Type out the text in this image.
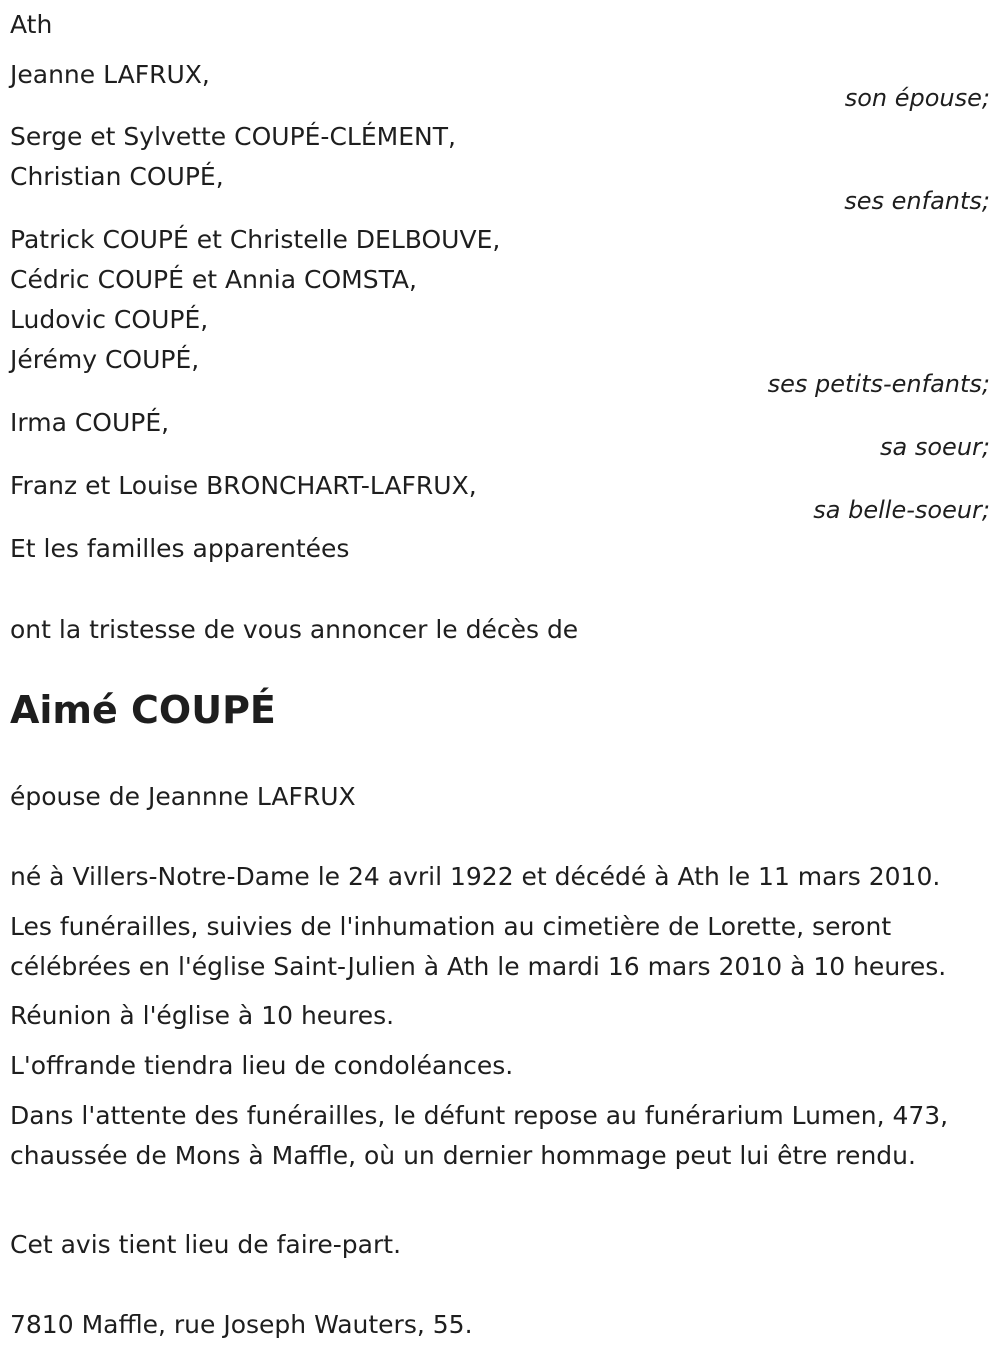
Ath
Jeanne LAFRUX,
son épouse;
Serge et Sylvette COUPÉ-CLÉMENT,
Christian COUPÉ,
ses enfants;
Patrick COUPÉ et Christelle DELBOUVE,
Cédric COUPÉ et Annia COMSTA,
Ludovic COUPÉ,
Jérémy COUPÉ,
ses petits-enfants;
Irma COUPÉ,
sa soeur;
Franz et Louise BRONCHART-LAFRUX,
sa belle-soeur;
Et les familles apparentées
ont la tristesse de vous annoncer le décès de
Aimé COUPÉ
épouse de Jeannne LAFRUX
né à Villers-Notre-Dame le 24 avril 1922 et décédé à Ath le 11 mars 2010.
Les funérailles, suivies de l'inhumation au cimetière de Lorette, seront célébrées en l'église Saint-Julien à Ath le mardi 16 mars 2010 à 10 heures.
Réunion à l'église à 10 heures.
L'offrande tiendra lieu de condoléances.
Dans l'attente des funérailles, le défunt repose au funérarium Lumen, 473, chaussée de Mons à Maffle, où un dernier hommage peut lui être rendu.
Cet avis tient lieu de faire-part.
7810 Maffle, rue Joseph Wauters, 55.
